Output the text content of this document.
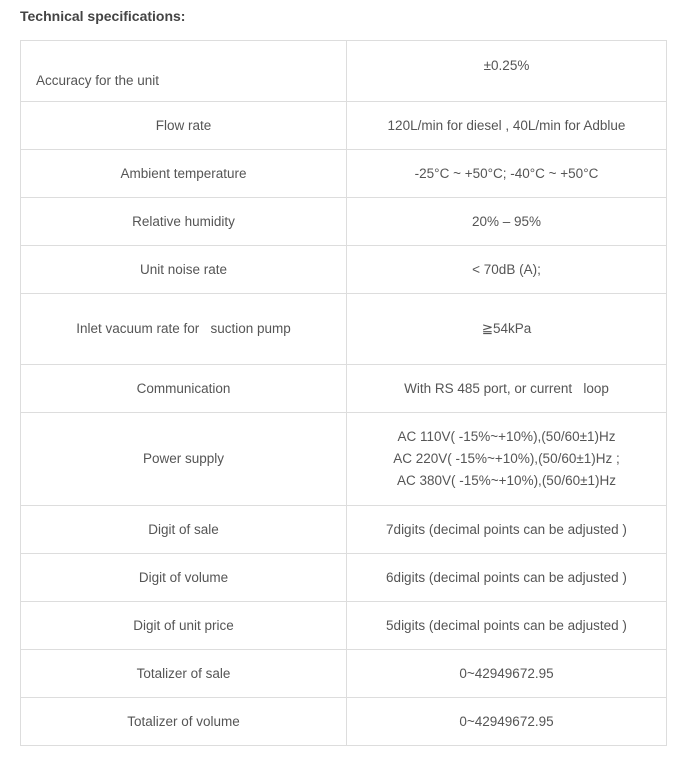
Technical specifications:
Accuracy for the unit	±0.25%

Flow rate	120L/min for diesel , 40L/min for Adblue

Ambient temperature	-25°C ~ +50°C; -40°C ~ +50°C

Relative humidity	20% – 95%

Unit noise rate	< 70dB (A);

Inlet vacuum rate for   suction pump	≧54kPa

Communication	With RS 485 port, or current   loop

Power supply	AC 110V( -15%~+10%),(50/60±1)Hz
AC 220V( -15%~+10%),(50/60±1)Hz ;
AC 380V( -15%~+10%),(50/60±1)Hz

Digit of sale	7digits (decimal points can be adjusted )

Digit of volume	6digits (decimal points can be adjusted )

Digit of unit price	5digits (decimal points can be adjusted )

Totalizer of sale	0~42949672.95

Totalizer of volume	0~42949672.95
